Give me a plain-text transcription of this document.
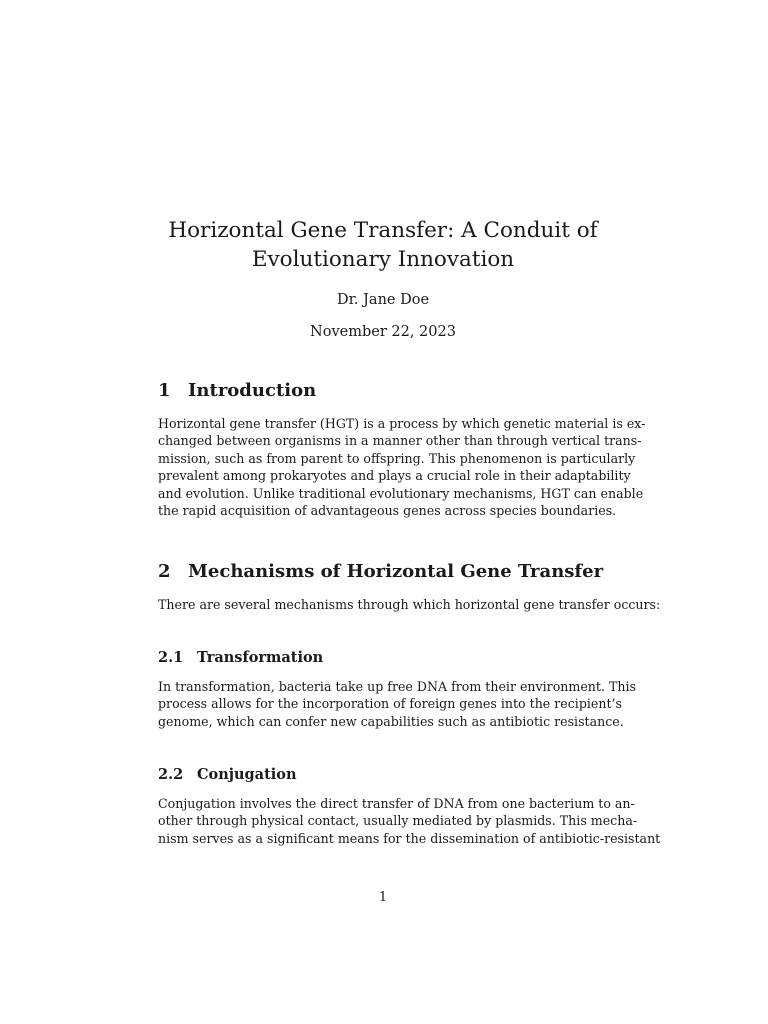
Horizontal Gene Transfer: A Conduit of
Evolutionary Innovation
Dr. Jane Doe
November 22, 2023
1 Introduction
Horizontal gene transfer (HGT) is a process by which genetic material is ex-
changed between organisms in a manner other than through vertical trans-
mission, such as from parent to offspring. This phenomenon is particularly
prevalent among prokaryotes and plays a crucial role in their adaptability
and evolution. Unlike traditional evolutionary mechanisms, HGT can enable
the rapid acquisition of advantageous genes across species boundaries.
2 Mechanisms of Horizontal Gene Transfer
There are several mechanisms through which horizontal gene transfer occurs:
2.1 Transformation
In transformation, bacteria take up free DNA from their environment. This
process allows for the incorporation of foreign genes into the recipient’s
genome, which can confer new capabilities such as antibiotic resistance.
2.2 Conjugation
Conjugation involves the direct transfer of DNA from one bacterium to an-
other through physical contact, usually mediated by plasmids. This mecha-
nism serves as a significant means for the dissemination of antibiotic-resistant
1
